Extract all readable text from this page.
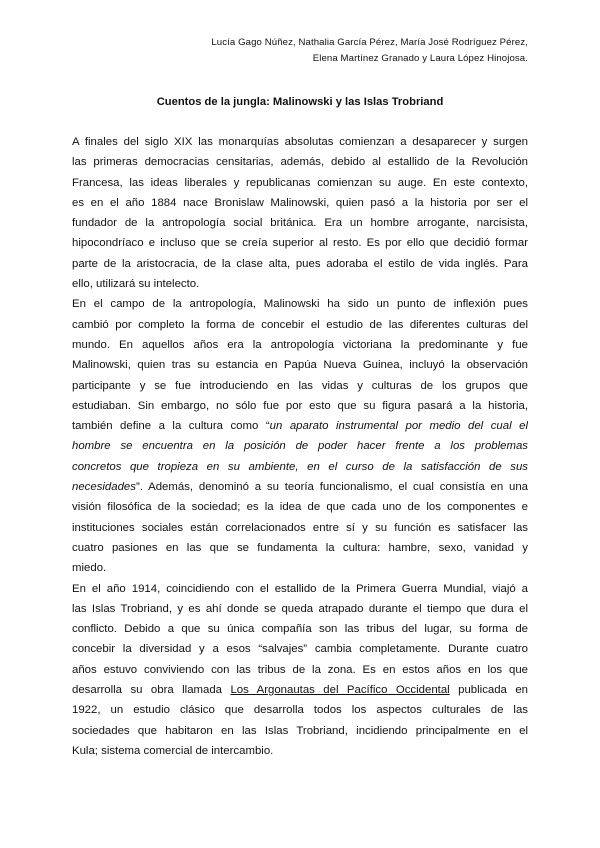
Lucía Gago Núñez, Nathalia García Pérez, María José Rodríguez Pérez,
Elena Martínez Granado y Laura López Hinojosa.
Cuentos de la jungla: Malinowski y las Islas Trobriand
A finales del siglo XIX las monarquías absolutas comienzan a desaparecer y surgen
las primeras democracias censitarias, además, debido al estallido de la Revolución
Francesa, las ideas liberales y republicanas comienzan su auge. En este contexto,
es en el año 1884 nace Bronislaw Malinowski, quien pasó a la historia por ser el
fundador de la antropología social británica. Era un hombre arrogante, narcisista,
hipocondríaco e incluso que se creía superior al resto. Es por ello que decidió formar
parte de la aristocracia, de la clase alta, pues adoraba el estilo de vida inglés. Para
ello, utilizará su intelecto.
En el campo de la antropología, Malinowski ha sido un punto de inflexión pues
cambió por completo la forma de concebir el estudio de las diferentes culturas del
mundo. En aquellos años era la antropología victoriana la predominante y fue
Malinowski, quien tras su estancia en Papúa Nueva Guinea, incluyó la observación
participante y se fue introduciendo en las vidas y culturas de los grupos que
estudiaban. Sin embargo, no sólo fue por esto que su figura pasará a la historia,
también define a la cultura como “un aparato instrumental por medio del cual el
hombre se encuentra en la posición de poder hacer frente a los problemas
concretos que tropieza en su ambiente, en el curso de la satisfacción de sus
necesidades”. Además, denominó a su teoría funcionalismo, el cual consistía en una
visión filosófica de la sociedad; es la idea de que cada uno de los componentes e
instituciones sociales están correlacionados entre sí y su función es satisfacer las
cuatro pasiones en las que se fundamenta la cultura: hambre, sexo, vanidad y
miedo.
En el año 1914, coincidiendo con el estallido de la Primera Guerra Mundial, viajó a
las Islas Trobriand, y es ahí donde se queda atrapado durante el tiempo que dura el
conflicto. Debido a que su única compañía son las tribus del lugar, su forma de
concebir la diversidad y a esos “salvajes” cambia completamente. Durante cuatro
años estuvo conviviendo con las tribus de la zona. Es en estos años en los que
desarrolla su obra llamada Los Argonautas del Pacífico Occidental publicada en
1922, un estudio clásico que desarrolla todos los aspectos culturales de las
sociedades que habitaron en las Islas Trobriand, incidiendo principalmente en el
Kula; sistema comercial de intercambio.
